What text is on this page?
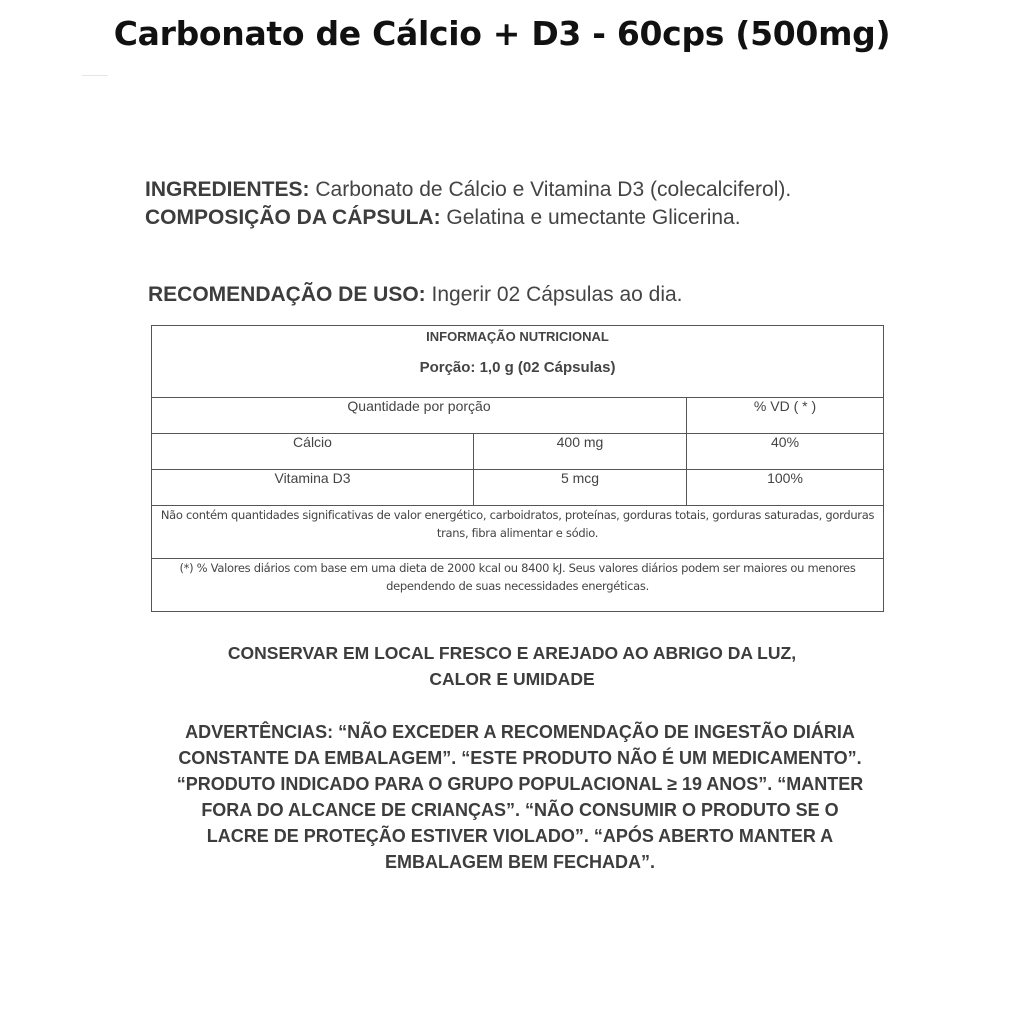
Carbonato de Cálcio + D3 - 60cps (500mg)
INGREDIENTES: Carbonato de Cálcio e Vitamina D3 (colecalciferol).
COMPOSIÇÃO DA CÁPSULA: Gelatina e umectante Glicerina.
RECOMENDAÇÃO DE USO: Ingerir 02 Cápsulas ao dia.
INFORMAÇÃO NUTRICIONAL
Porção: 1,0 g (02 Cápsulas)		

Quantidade por porção		% VD ( * )
Cálcio	400 mg	40%
Vitamina D3	5 mcg	100%
Não contém quantidades significativas de valor energético, carboidratos, proteínas, gorduras totais, gorduras saturadas, gorduras trans, fibra alimentar e sódio.		
(*) % Valores diários com base em uma dieta de 2000 kcal ou 8400 kJ. Seus valores diários podem ser maiores ou menores dependendo de suas necessidades energéticas.		
CONSERVAR EM LOCAL FRESCO E AREJADO AO ABRIGO DA LUZ,
CALOR E UMIDADE
ADVERTÊNCIAS: “NÃO EXCEDER A RECOMENDAÇÃO DE INGESTÃO DIÁRIA
CONSTANTE DA EMBALAGEM”. “ESTE PRODUTO NÃO É UM MEDICAMENTO”.
“PRODUTO INDICADO PARA O GRUPO POPULACIONAL ≥ 19 ANOS”. “MANTER
FORA DO ALCANCE DE CRIANÇAS”. “NÃO CONSUMIR O PRODUTO SE O
LACRE DE PROTEÇÃO ESTIVER VIOLADO”. “APÓS ABERTO MANTER A
EMBALAGEM BEM FECHADA”.
